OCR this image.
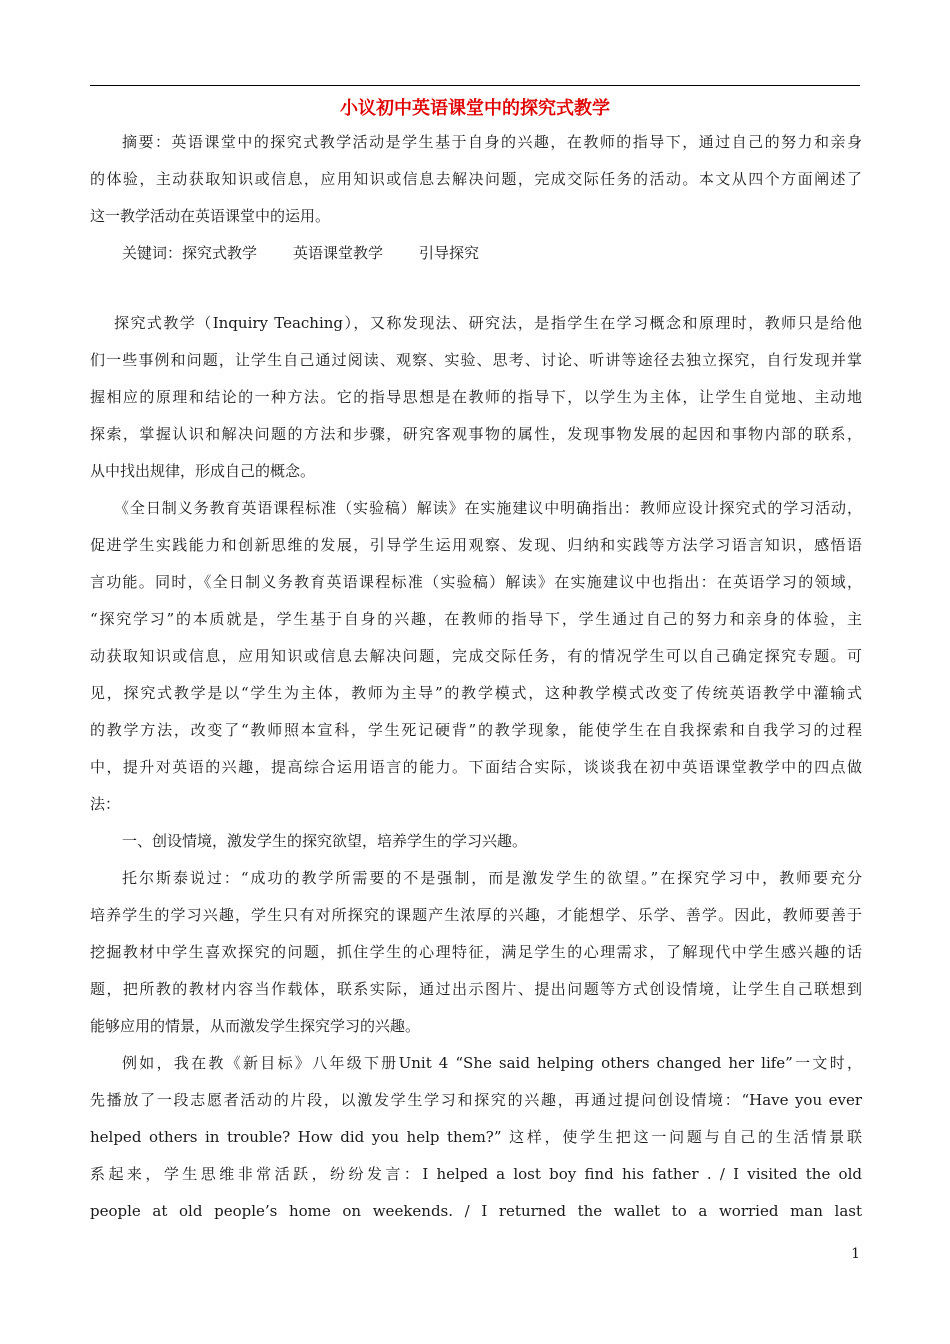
小议初中英语课堂中的探究式教学
摘要：英语课堂中的探究式教学活动是学生基于自身的兴趣，在教师的指导下，通过自己的努力和亲身
的体验，主动获取知识或信息，应用知识或信息去解决问题，完成交际任务的活动。本文从四个方面阐述了
这一教学活动在英语课堂中的运用。
关键词：探究式教学 英语课堂教学 引导探究
探究式教学（Inquiry Teaching），又称发现法、研究法，是指学生在学习概念和原理时，教师只是给他
们一些事例和问题，让学生自己通过阅读、观察、实验、思考、讨论、听讲等途径去独立探究，自行发现并掌
握相应的原理和结论的一种方法。它的指导思想是在教师的指导下，以学生为主体，让学生自觉地、主动地
探索，掌握认识和解决问题的方法和步骤，研究客观事物的属性，发现事物发展的起因和事物内部的联系，
从中找出规律，形成自己的概念。
《全日制义务教育英语课程标准（实验稿）解读》在实施建议中明确指出：教师应设计探究式的学习活动，
促进学生实践能力和创新思维的发展，引导学生运用观察、发现、归纳和实践等方法学习语言知识，感悟语
言功能。同时，《全日制义务教育英语课程标准（实验稿）解读》在实施建议中也指出：在英语学习的领域，
“探究学习”的本质就是，学生基于自身的兴趣，在教师的指导下，学生通过自己的努力和亲身的体验，主
动获取知识或信息，应用知识或信息去解决问题，完成交际任务，有的情况学生可以自己确定探究专题。可
见，探究式教学是以“学生为主体，教师为主导”的教学模式，这种教学模式改变了传统英语教学中灌输式
的教学方法，改变了“教师照本宣科，学生死记硬背”的教学现象，能使学生在自我探索和自我学习的过程
中，提升对英语的兴趣，提高综合运用语言的能力。下面结合实际，谈谈我在初中英语课堂教学中的四点做
法：
一、创设情境，激发学生的探究欲望，培养学生的学习兴趣。
托尔斯泰说过：“成功的教学所需要的不是强制，而是激发学生的欲望。”在探究学习中，教师要充分
培养学生的学习兴趣，学生只有对所探究的课题产生浓厚的兴趣，才能想学、乐学、善学。因此，教师要善于
挖掘教材中学生喜欢探究的问题，抓住学生的心理特征，满足学生的心理需求，了解现代中学生感兴趣的话
题，把所教的教材内容当作载体，联系实际，通过出示图片、提出问题等方式创设情境，让学生自己联想到
能够应用的情景，从而激发学生探究学习的兴趣。
例如，我在教《新目标》八年级下册Unit 4 “She said helping others changed her life”一文时，
先播放了一段志愿者活动的片段，以激发学生学习和探究的兴趣，再通过提问创设情境：“Have you ever
helped others in trouble? How did you help them?” 这样，使学生把这一问题与自己的生活情景联
系起来，学生思维非常活跃，纷纷发言：I helped a lost boy find his father . / I visited the old
people at old people’s home on weekends. / I returned the wallet to a worried man last
1
